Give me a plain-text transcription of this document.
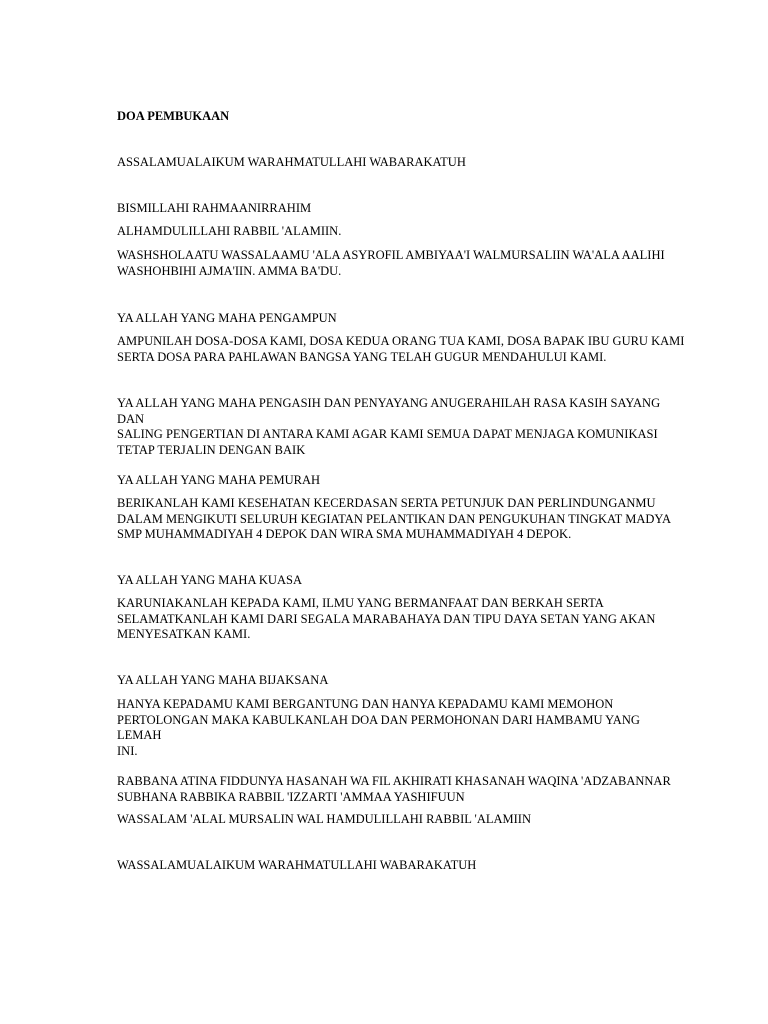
DOA PEMBUKAAN

ASSALAMUALAIKUM WARAHMATULLAHI WABARAKATUH

BISMILLAHI RAHMAANIRRAHIM

ALHAMDULILLAHI RABBIL 'ALAMIIN.

WASHSHOLAATU WASSALAAMU 'ALA ASYROFIL AMBIYAA'I WALMURSALIIN WA'ALA AALIHI
WASHOHBIHI AJMA'IIN. AMMA BA'DU.

YA ALLAH YANG MAHA PENGAMPUN

AMPUNILAH DOSA-DOSA KAMI, DOSA KEDUA ORANG TUA KAMI, DOSA BAPAK IBU GURU KAMI
SERTA DOSA PARA PAHLAWAN BANGSA YANG TELAH GUGUR MENDAHULUI KAMI.

YA ALLAH YANG MAHA PENGASIH DAN PENYAYANG ANUGERAHILAH RASA KASIH SAYANG DAN
SALING PENGERTIAN DI ANTARA KAMI AGAR KAMI SEMUA DAPAT MENJAGA KOMUNIKASI
TETAP TERJALIN DENGAN BAIK

YA ALLAH YANG MAHA PEMURAH

BERIKANLAH KAMI KESEHATAN KECERDASAN SERTA PETUNJUK DAN PERLINDUNGANMU
DALAM MENGIKUTI SELURUH KEGIATAN PELANTIKAN DAN PENGUKUHAN TINGKAT MADYA
SMP MUHAMMADIYAH 4 DEPOK DAN WIRA SMA MUHAMMADIYAH 4 DEPOK.

YA ALLAH YANG MAHA KUASA

KARUNIAKANLAH KEPADA KAMI, ILMU YANG BERMANFAAT DAN BERKAH SERTA
SELAMATKANLAH KAMI DARI SEGALA MARABAHAYA DAN TIPU DAYA SETAN YANG AKAN
MENYESATKAN KAMI.

YA ALLAH YANG MAHA BIJAKSANA

HANYA KEPADAMU KAMI BERGANTUNG DAN HANYA KEPADAMU KAMI MEMOHON
PERTOLONGAN MAKA KABULKANLAH DOA DAN PERMOHONAN DARI HAMBAMU YANG LEMAH
INI.

RABBANA ATINA FIDDUNYA HASANAH WA FIL AKHIRATI KHASANAH WAQINA 'ADZABANNAR
SUBHANA RABBIKA RABBIL 'IZZARTI 'AMMAA YASHIFUUN

WASSALAM 'ALAL MURSALIN WAL HAMDULILLAHI RABBIL 'ALAMIIN

WASSALAMUALAIKUM WARAHMATULLAHI WABARAKATUH
